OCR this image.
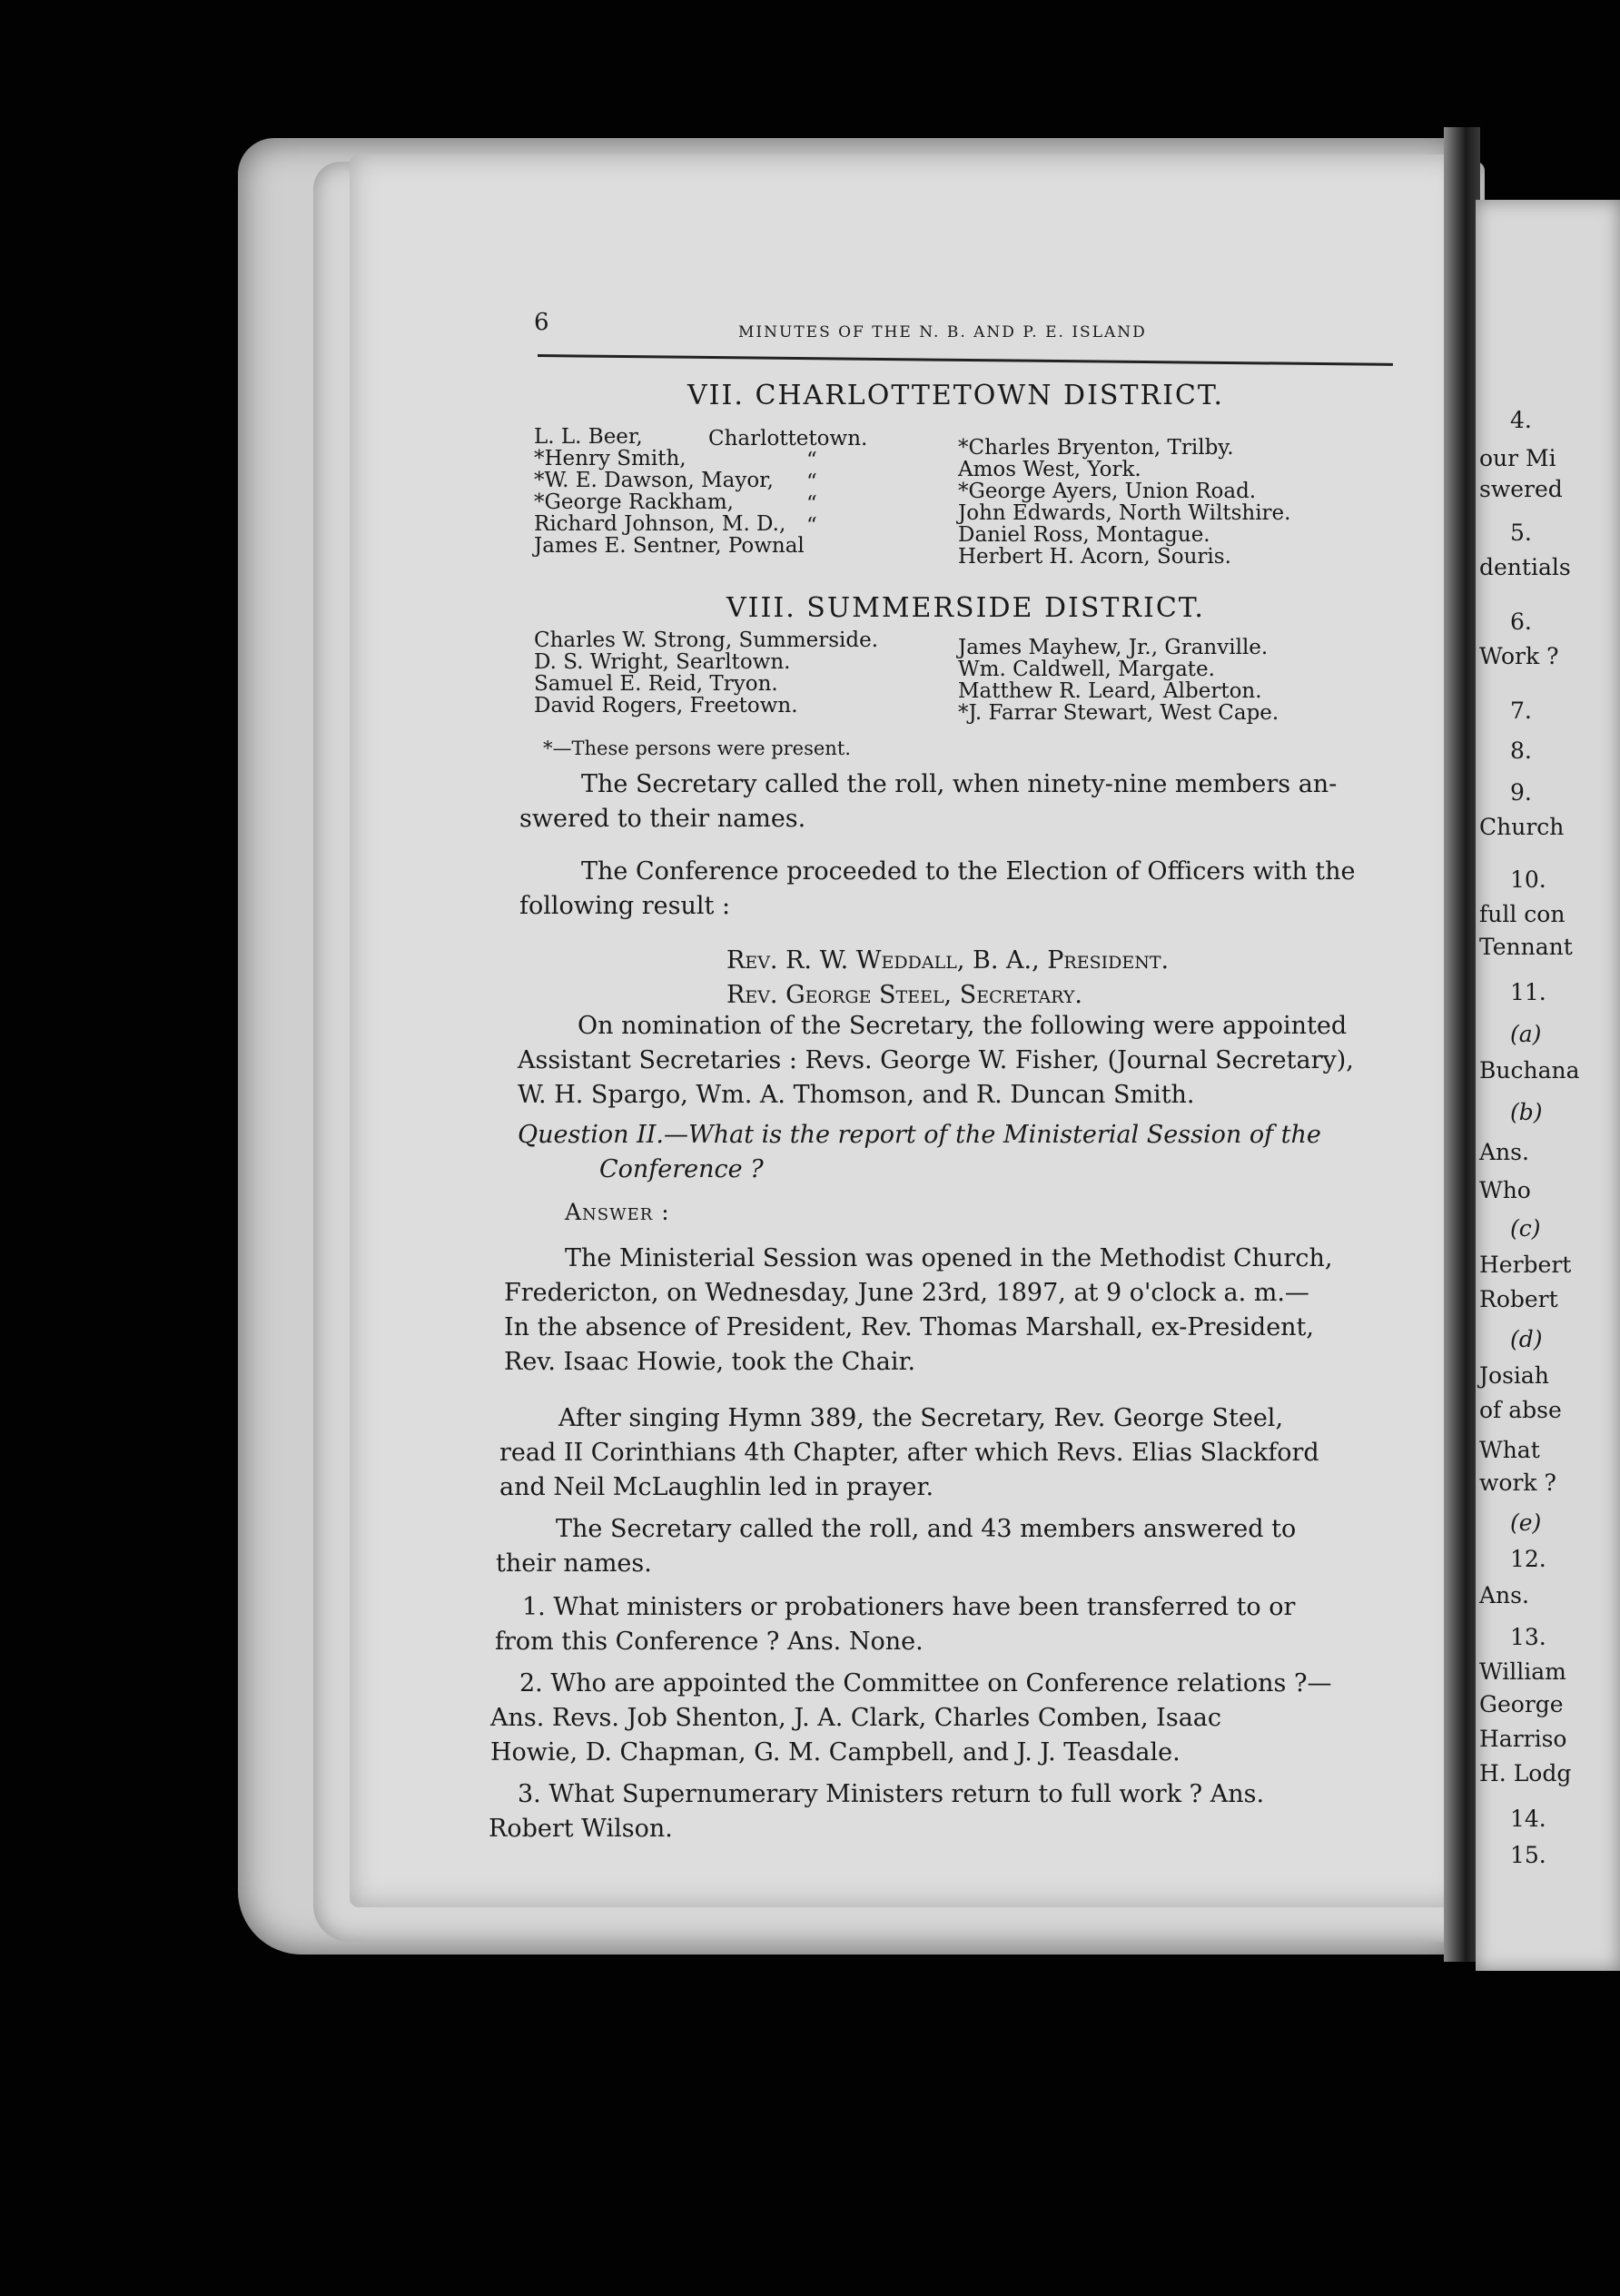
4.
our Mi
swered
5.
dentials
6.
Work ?
7.
8.
9.
Church
10.
full con
Tennant
11.
(a)
Buchana
(b)
Ans.
Who
(c)
Herbert
Robert
(d)
Josiah
of abse
What
work ?
(e)
12.
Ans.
13.
William
George
Harriso
H. Lodg
14.
15.
6	MINUTES OF THE N. B. AND P. E. ISLAND
VII. CHARLOTTETOWN DISTRICT.
L. L. Beer,	Charlottetown.
*Henry Smith,	“
*W. E. Dawson, Mayor, “
*George Rackham,	“
Richard Johnson, M. D., “
James E. Sentner, Pownal
*Charles Bryenton, Trilby.
Amos West, York.
*George Ayers, Union Road.
John Edwards, North Wiltshire.
Daniel Ross, Montague.
Herbert H. Acorn, Souris.
VIII. SUMMERSIDE DISTRICT.
Charles W. Strong, Summerside.
D. S. Wright, Searltown.
Samuel E. Reid, Tryon.
David Rogers, Freetown.
James Mayhew, Jr., Granville.
Wm. Caldwell, Margate.
Matthew R. Leard, Alberton.
*J. Farrar Stewart, West Cape.
*—These persons were present.
The Secretary called the roll, when ninety-nine members an-
swered to their names.
The Conference proceeded to the Election of Officers with the
following result :
Rev. R. W. Weddall, B. A., President.
Rev. George Steel, Secretary.
On nomination of the Secretary, the following were appointed
Assistant Secretaries : Revs. George W. Fisher, (Journal Secretary),
W. H. Spargo, Wm. A. Thomson, and R. Duncan Smith.
Question II.—What is the report of the Ministerial Session of the
Conference ?
Answer :
The Ministerial Session was opened in the Methodist Church,
Fredericton, on Wednesday, June 23rd, 1897, at 9 o'clock a. m.—
In the absence of President, Rev. Thomas Marshall, ex-President,
Rev. Isaac Howie, took the Chair.
After singing Hymn 389, the Secretary, Rev. George Steel,
read II Corinthians 4th Chapter, after which Revs. Elias Slackford
and Neil McLaughlin led in prayer.
The Secretary called the roll, and 43 members answered to
their names.
1. What ministers or probationers have been transferred to or
from this Conference ? Ans. None.
2. Who are appointed the Committee on Conference relations ?—
Ans. Revs. Job Shenton, J. A. Clark, Charles Comben, Isaac
Howie, D. Chapman, G. M. Campbell, and J. J. Teasdale.
3. What Supernumerary Ministers return to full work ? Ans.
Robert Wilson.
